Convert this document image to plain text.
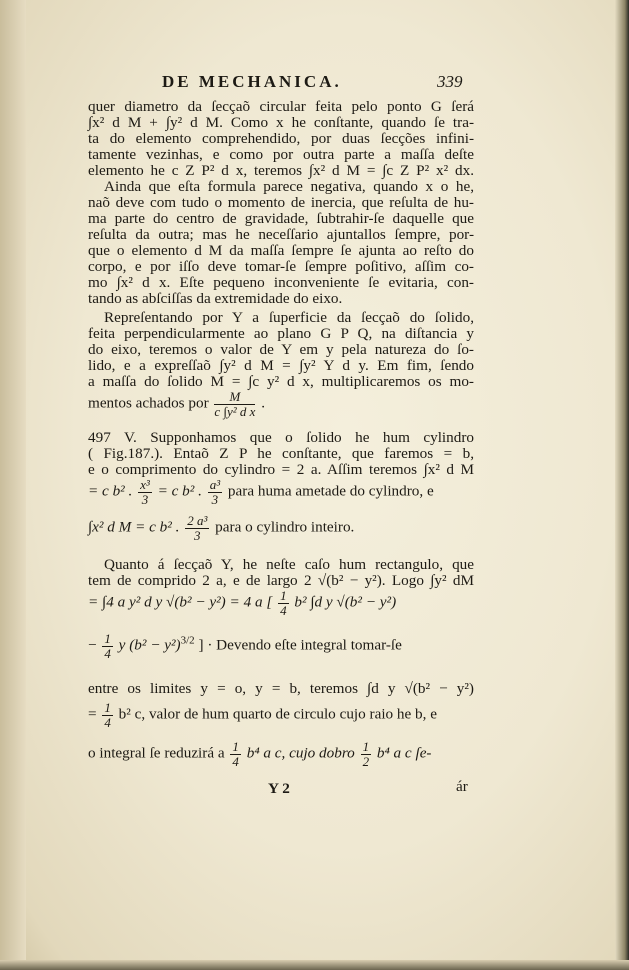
DE MECHANICA.	339
quer diametro da ſecçaõ circular feita pelo ponto G ſerá
∫x² d M + ∫y² d M. Como x he conſtante, quando ſe tra-
ta do elemento comprehendido, por duas ſecções infini-
tamente vezinhas, e como por outra parte a maſſa deſte
elemento he c Z P² d x, teremos ∫x² d M = ∫c Z P² x² dx.
Ainda que eſta formula parece negativa, quando x o he,
naõ deve com tudo o momento de inercia, que reſulta de hu-
ma parte do centro de gravidade, ſubtrahir-ſe daquelle que
reſulta da outra; mas he neceſſario ajuntallos ſempre, por-
que o elemento d M da maſſa ſempre ſe ajunta ao reſto do
corpo, e por iſſo deve tomar-ſe ſempre poſitivo, aſſim co-
mo ∫x² d x. Eſte pequeno inconveniente ſe evitaria, con-
tando as abſciſſas da extremidade do eixo.
Repreſentando por Y a ſuperficie da ſecçaõ do ſolido,
feita perpendicularmente ao plano G P Q, na diſtancia y
do eixo, teremos o valor de Y em y pela natureza do ſo-
lido, e a expreſſaõ ∫y² d M = ∫y² Y d y. Em fim, ſendo
a maſſa do ſolido M = ∫c y² d x, multiplicaremos os mo-
mentos achados por $\frac{M}{\text{c ∫y² d x}}$ .
497 V. Supponhamos que o ſolido he hum cylindro
( Fig.187.). Entaõ Z P he conſtante, que faremos = b,
e o comprimento do cylindro = 2 a. Aſſim teremos ∫x² d M
= c b² . $\frac{\text{x³}}{3} = c$ b² . $\frac{\text{a³}}{3}$ para huma ametade do cylindro, e
∫x² d M = c b² . $\frac{\text{2 a³}}{3}$ para o cylindro inteiro.
Quanto á ſecçaõ Y, he neſte caſo hum rectangulo, que
tem de comprido 2 a, e de largo 2 √(b² − y²). Logo ∫y² dM
= ∫4 a y² d y √(b² − y²) = 4 a [ $\frac{1}{4} b^2$ ∫d y √(b² − y²)
− $\frac{1}{4}$ y $(b^2 - y^2)^{3/2}$ ] · Devendo eſte integral tomar-ſe
entre os limites y = o, y = b, teremos ∫d y √(b² − y²)
= $\frac{1}{4} b^2$ c, valor de hum quarto de circulo cujo raio he b, e
o integral ſe reduzirá a $\frac{1}{4} b^4$ a c, cujo dobro $\frac{1}{2} b^4$ a c ſe-
Y 2	ár
